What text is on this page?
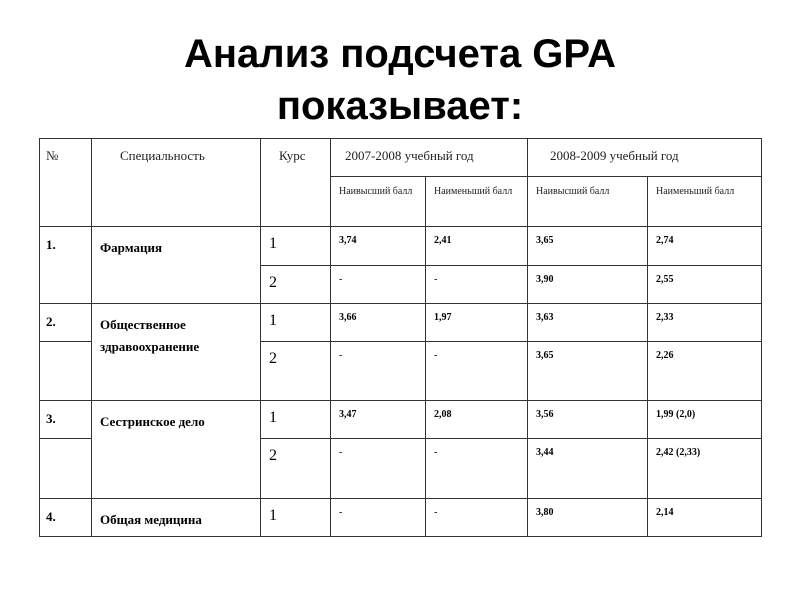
Анализ подсчета GPA
показывает:
№	Специальность	Курс	2007-2008 учебный год		2008-2009 учебный год	
			Наивысший балл	Наименьший балл	Наивысший балл	Наименьший балл
1.	Фармация	1	3,74	2,41	3,65	2,74
		2	-	-	3,90	2,55
2.	Общественное здравоохранение	1	3,66	1,97	3,63	2,33
		2	-	-	3,65	2,26
3.	Сестринское дело	1	3,47	2,08	3,56	1,99 (2,0)
		2	-	-	3,44	2,42 (2,33)
4.	Общая медицина	1	-	-	3,80	2,14
